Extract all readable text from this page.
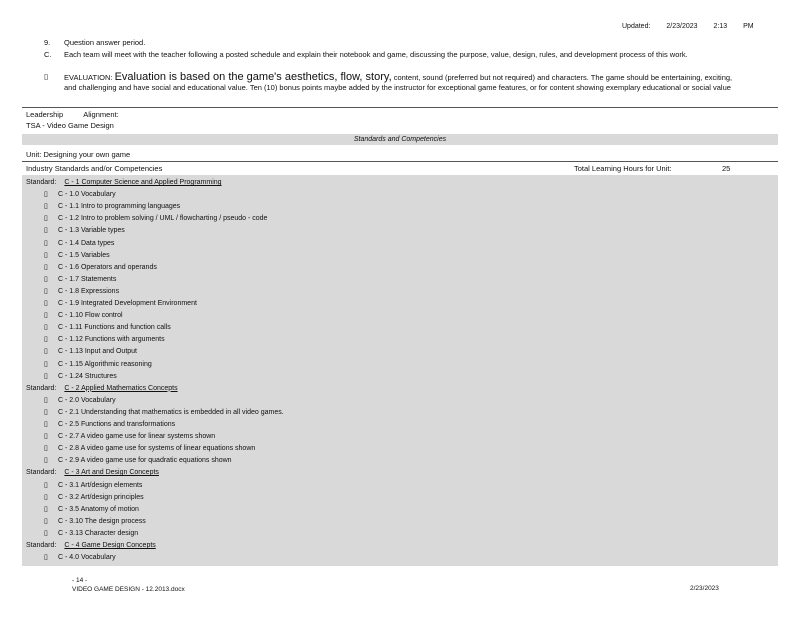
Updated: 2/23/2023 2:13 PM
9.	Question answer period.
C.	Each team will meet with the teacher following a posted schedule and explain their notebook and game, discussing the purpose, value, design, rules, and development process of this work.
▯	EVALUATION: Evaluation is based on the game's aesthetics, flow, story, content, sound (preferred but not required) and characters. The game should be entertaining, exciting, and challenging and have social and educational value. Ten (10) bonus points maybe added by the instructor for exceptional game features, or for content showing exemplary educational or social value
Leadership	Alignment:
TSA - Video Game Design
Standards and Competencies
Unit: Designing your own game
Industry Standards and/or Competencies	Total Learning Hours for Unit:	25
Standard: C - 1 Computer Science and Applied Programming
▯ C - 1.0 Vocabulary
▯ C - 1.1 Intro to programming languages
▯ C - 1.2 Intro to problem solving / UML / flowcharting / pseudo - code
▯ C - 1.3 Variable types
▯ C - 1.4 Data types
▯ C - 1.5 Variables
▯ C - 1.6 Operators and operands
▯ C - 1.7 Statements
▯ C - 1.8 Expressions
▯ C - 1.9 Integrated Development Environment
▯ C - 1.10 Flow control
▯ C - 1.11 Functions and function calls
▯ C - 1.12 Functions with arguments
▯ C - 1.13 Input and Output
▯ C - 1.15 Algorithmic reasoning
▯ C - 1.24 Structures
Standard: C - 2 Applied Mathematics Concepts
▯ C - 2.0 Vocabulary
▯ C - 2.1 Understanding that mathematics is embedded in all video games.
▯ C - 2.5 Functions and transformations
▯ C - 2.7 A video game use for linear systems shown
▯ C - 2.8 A video game use for systems of linear equations shown
▯ C - 2.9 A video game use for quadratic equations shown
Standard: C - 3 Art and Design Concepts
▯ C - 3.1 Art/design elements
▯ C - 3.2 Art/design principles
▯ C - 3.5 Anatomy of motion
▯ C - 3.10 The design process
▯ C - 3.13 Character design
Standard: C - 4 Game Design Concepts
▯ C - 4.0 Vocabulary
- 14 -
VIDEO GAME DESIGN - 12.2013.docx	2/23/2023
